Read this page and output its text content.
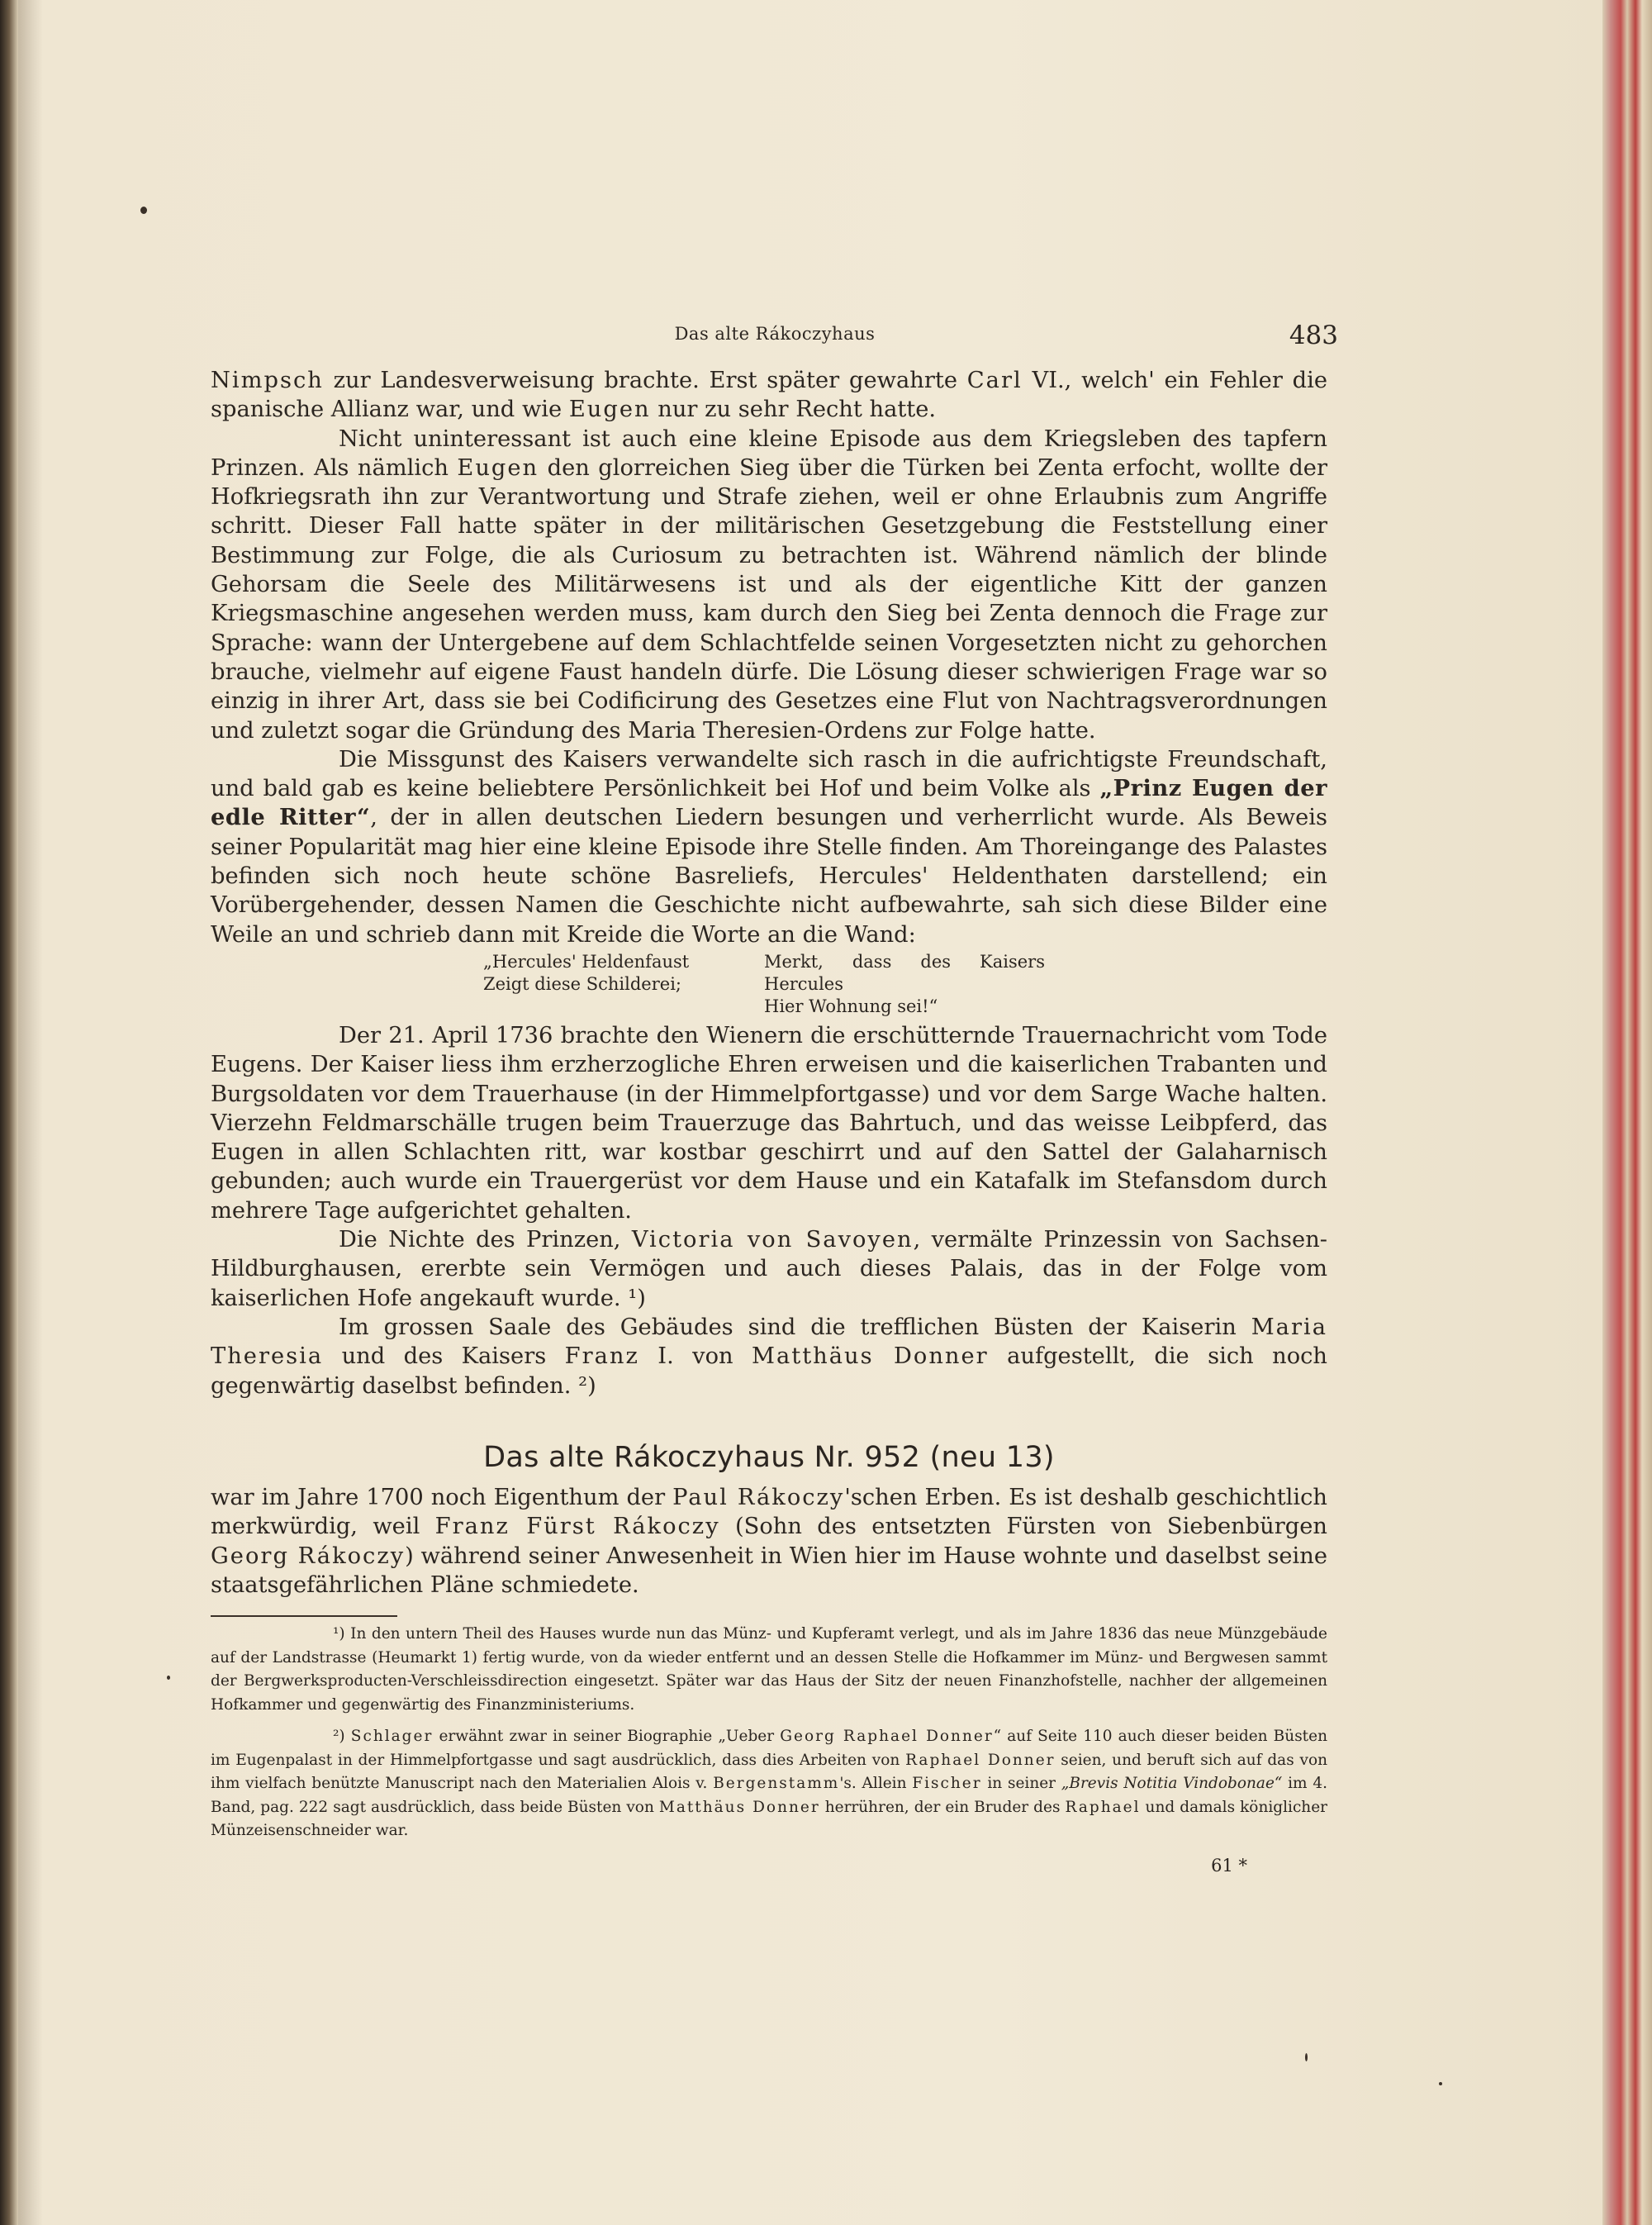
Das alte Rákoczyhaus	483

Nimpsch zur Landesverweisung brachte. Erst später gewahrte Carl VI., welch' ein Fehler die spanische Allianz war, und wie Eugen nur zu sehr Recht hatte.

Nicht uninteressant ist auch eine kleine Episode aus dem Kriegsleben des tapfern Prinzen. Als nämlich Eugen den glorreichen Sieg über die Türken bei Zenta erfocht, wollte der Hofkriegsrath ihn zur Verantwortung und Strafe ziehen, weil er ohne Erlaubnis zum Angriffe schritt. Dieser Fall hatte später in der militärischen Gesetzgebung die Feststellung einer Bestimmung zur Folge, die als Curiosum zu betrachten ist. Während nämlich der blinde Gehorsam die Seele des Militärwesens ist und als der eigentliche Kitt der ganzen Kriegsmaschine angesehen werden muss, kam durch den Sieg bei Zenta dennoch die Frage zur Sprache: wann der Untergebene auf dem Schlachtfelde seinen Vorgesetzten nicht zu gehorchen brauche, vielmehr auf eigene Faust handeln dürfe. Die Lösung dieser schwierigen Frage war so einzig in ihrer Art, dass sie bei Codificirung des Gesetzes eine Flut von Nachtragsverordnungen und zuletzt sogar die Gründung des Maria Theresien-Ordens zur Folge hatte.

Die Missgunst des Kaisers verwandelte sich rasch in die aufrichtigste Freundschaft, und bald gab es keine beliebtere Persönlichkeit bei Hof und beim Volke als „Prinz Eugen der edle Ritter“, der in allen deutschen Liedern besungen und verherrlicht wurde. Als Beweis seiner Popularität mag hier eine kleine Episode ihre Stelle finden. Am Thoreingange des Palastes befinden sich noch heute schöne Basreliefs, Hercules' Heldenthaten darstellend; ein Vorübergehender, dessen Namen die Geschichte nicht aufbewahrte, sah sich diese Bilder eine Weile an und schrieb dann mit Kreide die Worte an die Wand:

„Hercules' Heldenfaust
Zeigt diese Schilderei;
Merkt, dass des Kaisers Hercules
Hier Wohnung sei!“

Der 21. April 1736 brachte den Wienern die erschütternde Trauernachricht vom Tode Eugens. Der Kaiser liess ihm erzherzogliche Ehren erweisen und die kaiserlichen Trabanten und Burgsoldaten vor dem Trauerhause (in der Himmelpfortgasse) und vor dem Sarge Wache halten. Vierzehn Feldmarschälle trugen beim Trauerzuge das Bahrtuch, und das weisse Leibpferd, das Eugen in allen Schlachten ritt, war kostbar geschirrt und auf den Sattel der Galaharnisch gebunden; auch wurde ein Trauergerüst vor dem Hause und ein Katafalk im Stefansdom durch mehrere Tage aufgerichtet gehalten.

Die Nichte des Prinzen, Victoria von Savoyen, vermälte Prinzessin von Sachsen-Hildburghausen, ererbte sein Vermögen und auch dieses Palais, das in der Folge vom kaiserlichen Hofe angekauft wurde. ¹)

Im grossen Saale des Gebäudes sind die trefflichen Büsten der Kaiserin Maria Theresia und des Kaisers Franz I. von Matthäus Donner aufgestellt, die sich noch gegenwärtig daselbst befinden. ²)

Das alte Rákoczyhaus Nr. 952 (neu 13)

war im Jahre 1700 noch Eigenthum der Paul Rákoczy'schen Erben. Es ist deshalb geschichtlich merkwürdig, weil Franz Fürst Rákoczy (Sohn des entsetzten Fürsten von Siebenbürgen Georg Rákoczy) während seiner Anwesenheit in Wien hier im Hause wohnte und daselbst seine staatsgefährlichen Pläne schmiedete.

¹) In den untern Theil des Hauses wurde nun das Münz- und Kupferamt verlegt, und als im Jahre 1836 das neue Münzgebäude auf der Landstrasse (Heumarkt 1) fertig wurde, von da wieder entfernt und an dessen Stelle die Hofkammer im Münz- und Bergwesen sammt der Bergwerksproducten-Verschleissdirection eingesetzt. Später war das Haus der Sitz der neuen Finanzhofstelle, nachher der allgemeinen Hofkammer und gegenwärtig des Finanzministeriums.

²) Schlager erwähnt zwar in seiner Biographie „Ueber Georg Raphael Donner“ auf Seite 110 auch dieser beiden Büsten im Eugenpalast in der Himmelpfortgasse und sagt ausdrücklich, dass dies Arbeiten von Raphael Donner seien, und beruft sich auf das von ihm vielfach benützte Manuscript nach den Materialien Alois v. Bergenstamm's. Allein Fischer in seiner „Brevis Notitia Vindobonae“ im 4. Band, pag. 222 sagt ausdrücklich, dass beide Büsten von Matthäus Donner herrühren, der ein Bruder des Raphael und damals königlicher Münzeisenschneider war.

61 *
